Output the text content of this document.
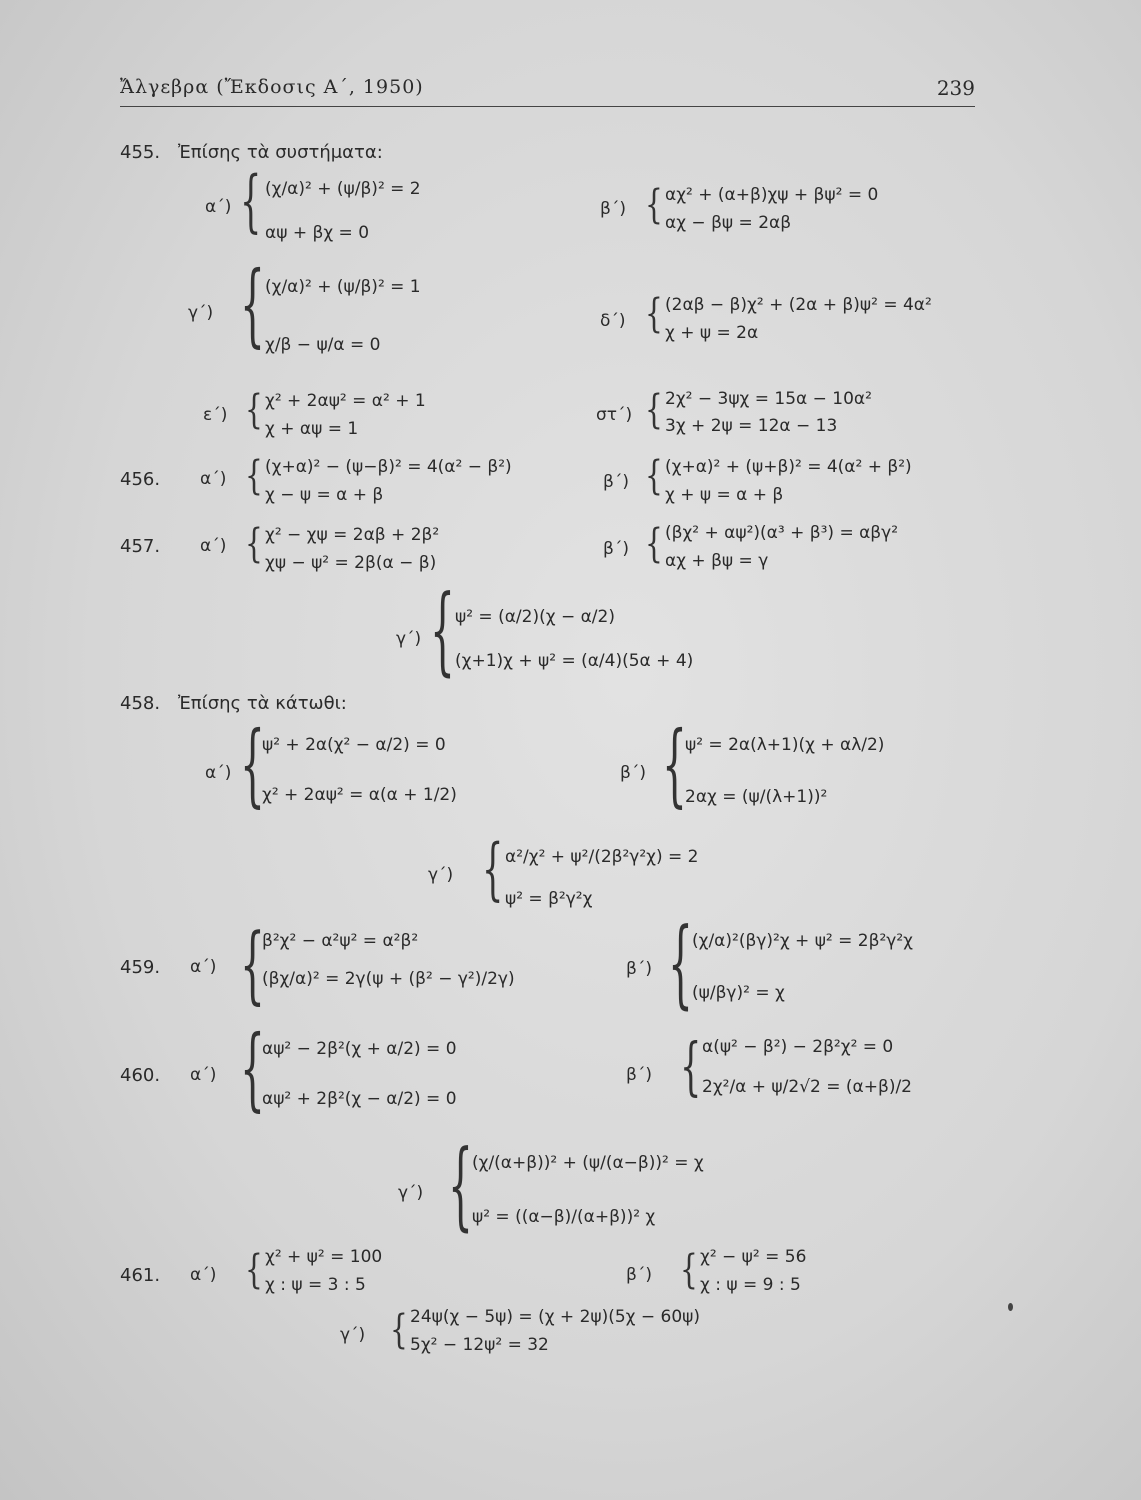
Ἄλγεβρα (Ἔκδοσις Α΄, 1950)	239
455. Ἐπίσης τὰ συστήματα:
α΄) { (χ/α)² + (ψ/β)² = 2
αψ + βχ = 0
β΄) { αχ² + (α+β)χψ + βψ² = 0
αχ − βψ = 2αβ
γ΄) { (χ/α)² + (ψ/β)² = 1
χ/β − ψ/α = 0
δ΄) { (2αβ − β)χ² + (2α + β)ψ² = 4α²
χ + ψ = 2α
ε΄) { χ² + 2αψ² = α² + 1
χ + αψ = 1
στ΄) { 2χ² − 3ψχ = 15α − 10α²
3χ + 2ψ = 12α − 13
456. α΄) { (χ+α)² − (ψ−β)² = 4(α² − β²)
χ − ψ = α + β
β΄) { (χ+α)² + (ψ+β)² = 4(α² + β²)
χ + ψ = α + β
457. α΄) { χ² − χψ = 2αβ + 2β²
χψ − ψ² = 2β(α − β)
β΄) { (βχ² + αψ²)(α³ + β³) = αβγ²
αχ + βψ = γ
γ΄) { ψ² = (α/2)(χ − α/2)
(χ+1)χ + ψ² = (α/4)(5α + 4)
458. Ἐπίσης τὰ κάτωθι:
α΄) {
ψ² + 2α(χ² − α/2) = 0
χ² + 2αψ² = α(α + 1/2)
β΄) {
ψ² = 2α(λ+1)(χ + αλ/2)
2αχ = (ψ/(λ+1))²
γ΄) { α²/χ² + ψ²/(2β²γ²χ) = 2
ψ² = β²γ²χ
459. α΄) {
β²χ² − α²ψ² = α²β²
(βχ/α)² = 2γ(ψ + (β² − γ²)/2γ)	β΄) { (χ/α)²(βγ)²χ + ψ² = 2β²γ²χ
(ψ/βγ)² = χ
460. α΄) {
αψ² − 2β²(χ + α/2) = 0
αψ² + 2β²(χ − α/2) = 0
β΄) { α(ψ² − β²) − 2β²χ² = 0
2χ²/α + ψ/2√2 = (α+β)/2
γ΄) { (χ/(α+β))² + (ψ/(α−β))² = χ
ψ² = ((α−β)/(α+β))² χ
461. α΄) { χ² + ψ² = 100
χ : ψ = 3 : 5	β΄) { χ² − ψ² = 56
χ : ψ = 9 : 5
γ΄) { 24ψ(χ − 5ψ) = (χ + 2ψ)(5χ − 60ψ)
5χ² − 12ψ² = 32
